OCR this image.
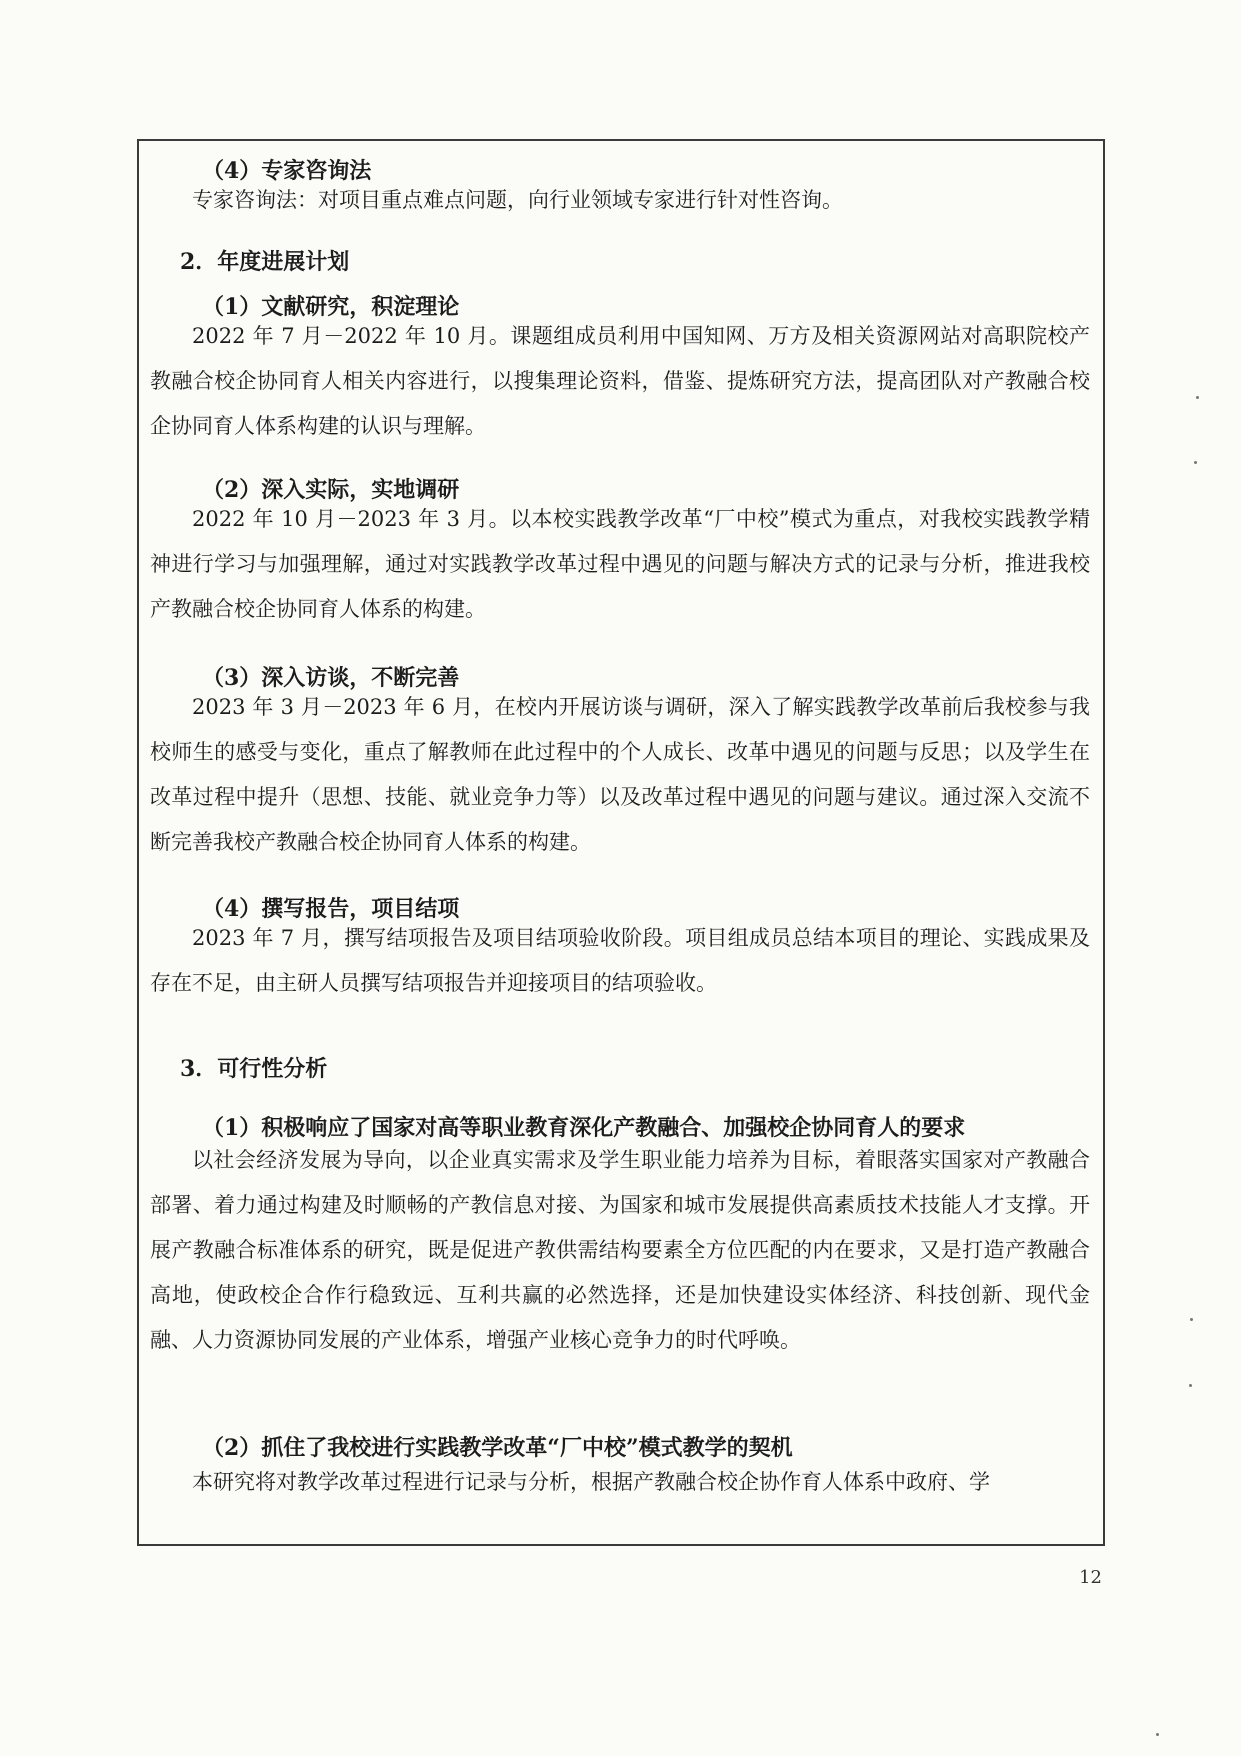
（4）专家咨询法
专家咨询法：对项目重点难点问题，向行业领域专家进行针对性咨询。
2．年度进展计划
（1）文献研究，积淀理论
2022 年 7 月－2022 年 10 月。课题组成员利用中国知网、万方及相关资源网站对高职院校产教融合校企协同育人相关内容进行，以搜集理论资料，借鉴、提炼研究方法，提高团队对产教融合校企协同育人体系构建的认识与理解。
（2）深入实际，实地调研
2022 年 10 月－2023 年 3 月。以本校实践教学改革“厂中校”模式为重点，对我校实践教学精神进行学习与加强理解，通过对实践教学改革过程中遇见的问题与解决方式的记录与分析，推进我校产教融合校企协同育人体系的构建。
（3）深入访谈，不断完善
2023 年 3 月－2023 年 6 月，在校内开展访谈与调研，深入了解实践教学改革前后我校参与我校师生的感受与变化，重点了解教师在此过程中的个人成长、改革中遇见的问题与反思；以及学生在改革过程中提升（思想、技能、就业竞争力等）以及改革过程中遇见的问题与建议。通过深入交流不断完善我校产教融合校企协同育人体系的构建。
（4）撰写报告，项目结项
2023 年 7 月，撰写结项报告及项目结项验收阶段。项目组成员总结本项目的理论、实践成果及存在不足，由主研人员撰写结项报告并迎接项目的结项验收。
3．可行性分析
（1）积极响应了国家对高等职业教育深化产教融合、加强校企协同育人的要求
以社会经济发展为导向，以企业真实需求及学生职业能力培养为目标，着眼落实国家对产教融合部署、着力通过构建及时顺畅的产教信息对接、为国家和城市发展提供高素质技术技能人才支撑。开展产教融合标准体系的研究，既是促进产教供需结构要素全方位匹配的内在要求，又是打造产教融合高地，使政校企合作行稳致远、互利共赢的必然选择，还是加快建设实体经济、科技创新、现代金融、人力资源协同发展的产业体系，增强产业核心竞争力的时代呼唤。
（2）抓住了我校进行实践教学改革“厂中校”模式教学的契机
本研究将对教学改革过程进行记录与分析，根据产教融合校企协作育人体系中政府、学
12
